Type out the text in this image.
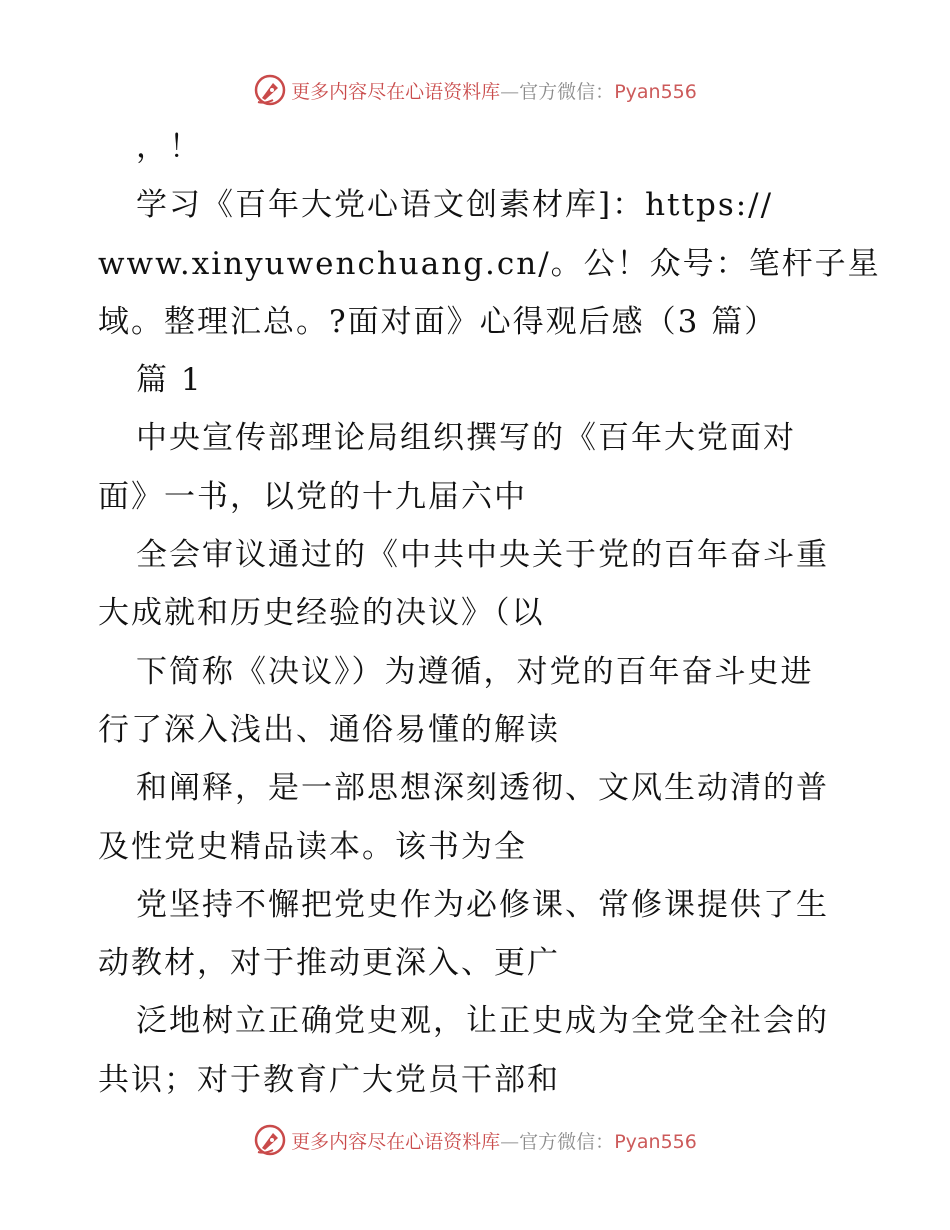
更多内容尽在心语资料库—官方微信：Pyan556
，！
学习《百年大党心语文创素材库]：https://
www.xinyuwenchuang.cn/。公！众号：笔杆子星
域。整理汇总。?面对面》心得观后感（3 篇）
篇 1
中央宣传部理论局组织撰写的《百年大党面对
面》一书，以党的十九届六中
全会审议通过的《中共中央关于党的百年奋斗重
大成就和历史经验的决议》（以
下简称《决议》）为遵循，对党的百年奋斗史进
行了深入浅出、通俗易懂的解读
和阐释，是一部思想深刻透彻、文风生动清的普
及性党史精品读本。该书为全
党坚持不懈把党史作为必修课、常修课提供了生
动教材，对于推动更深入、更广
泛地树立正确党史观，让正史成为全党全社会的
共识；对于教育广大党员干部和
更多内容尽在心语资料库—官方微信：Pyan556
